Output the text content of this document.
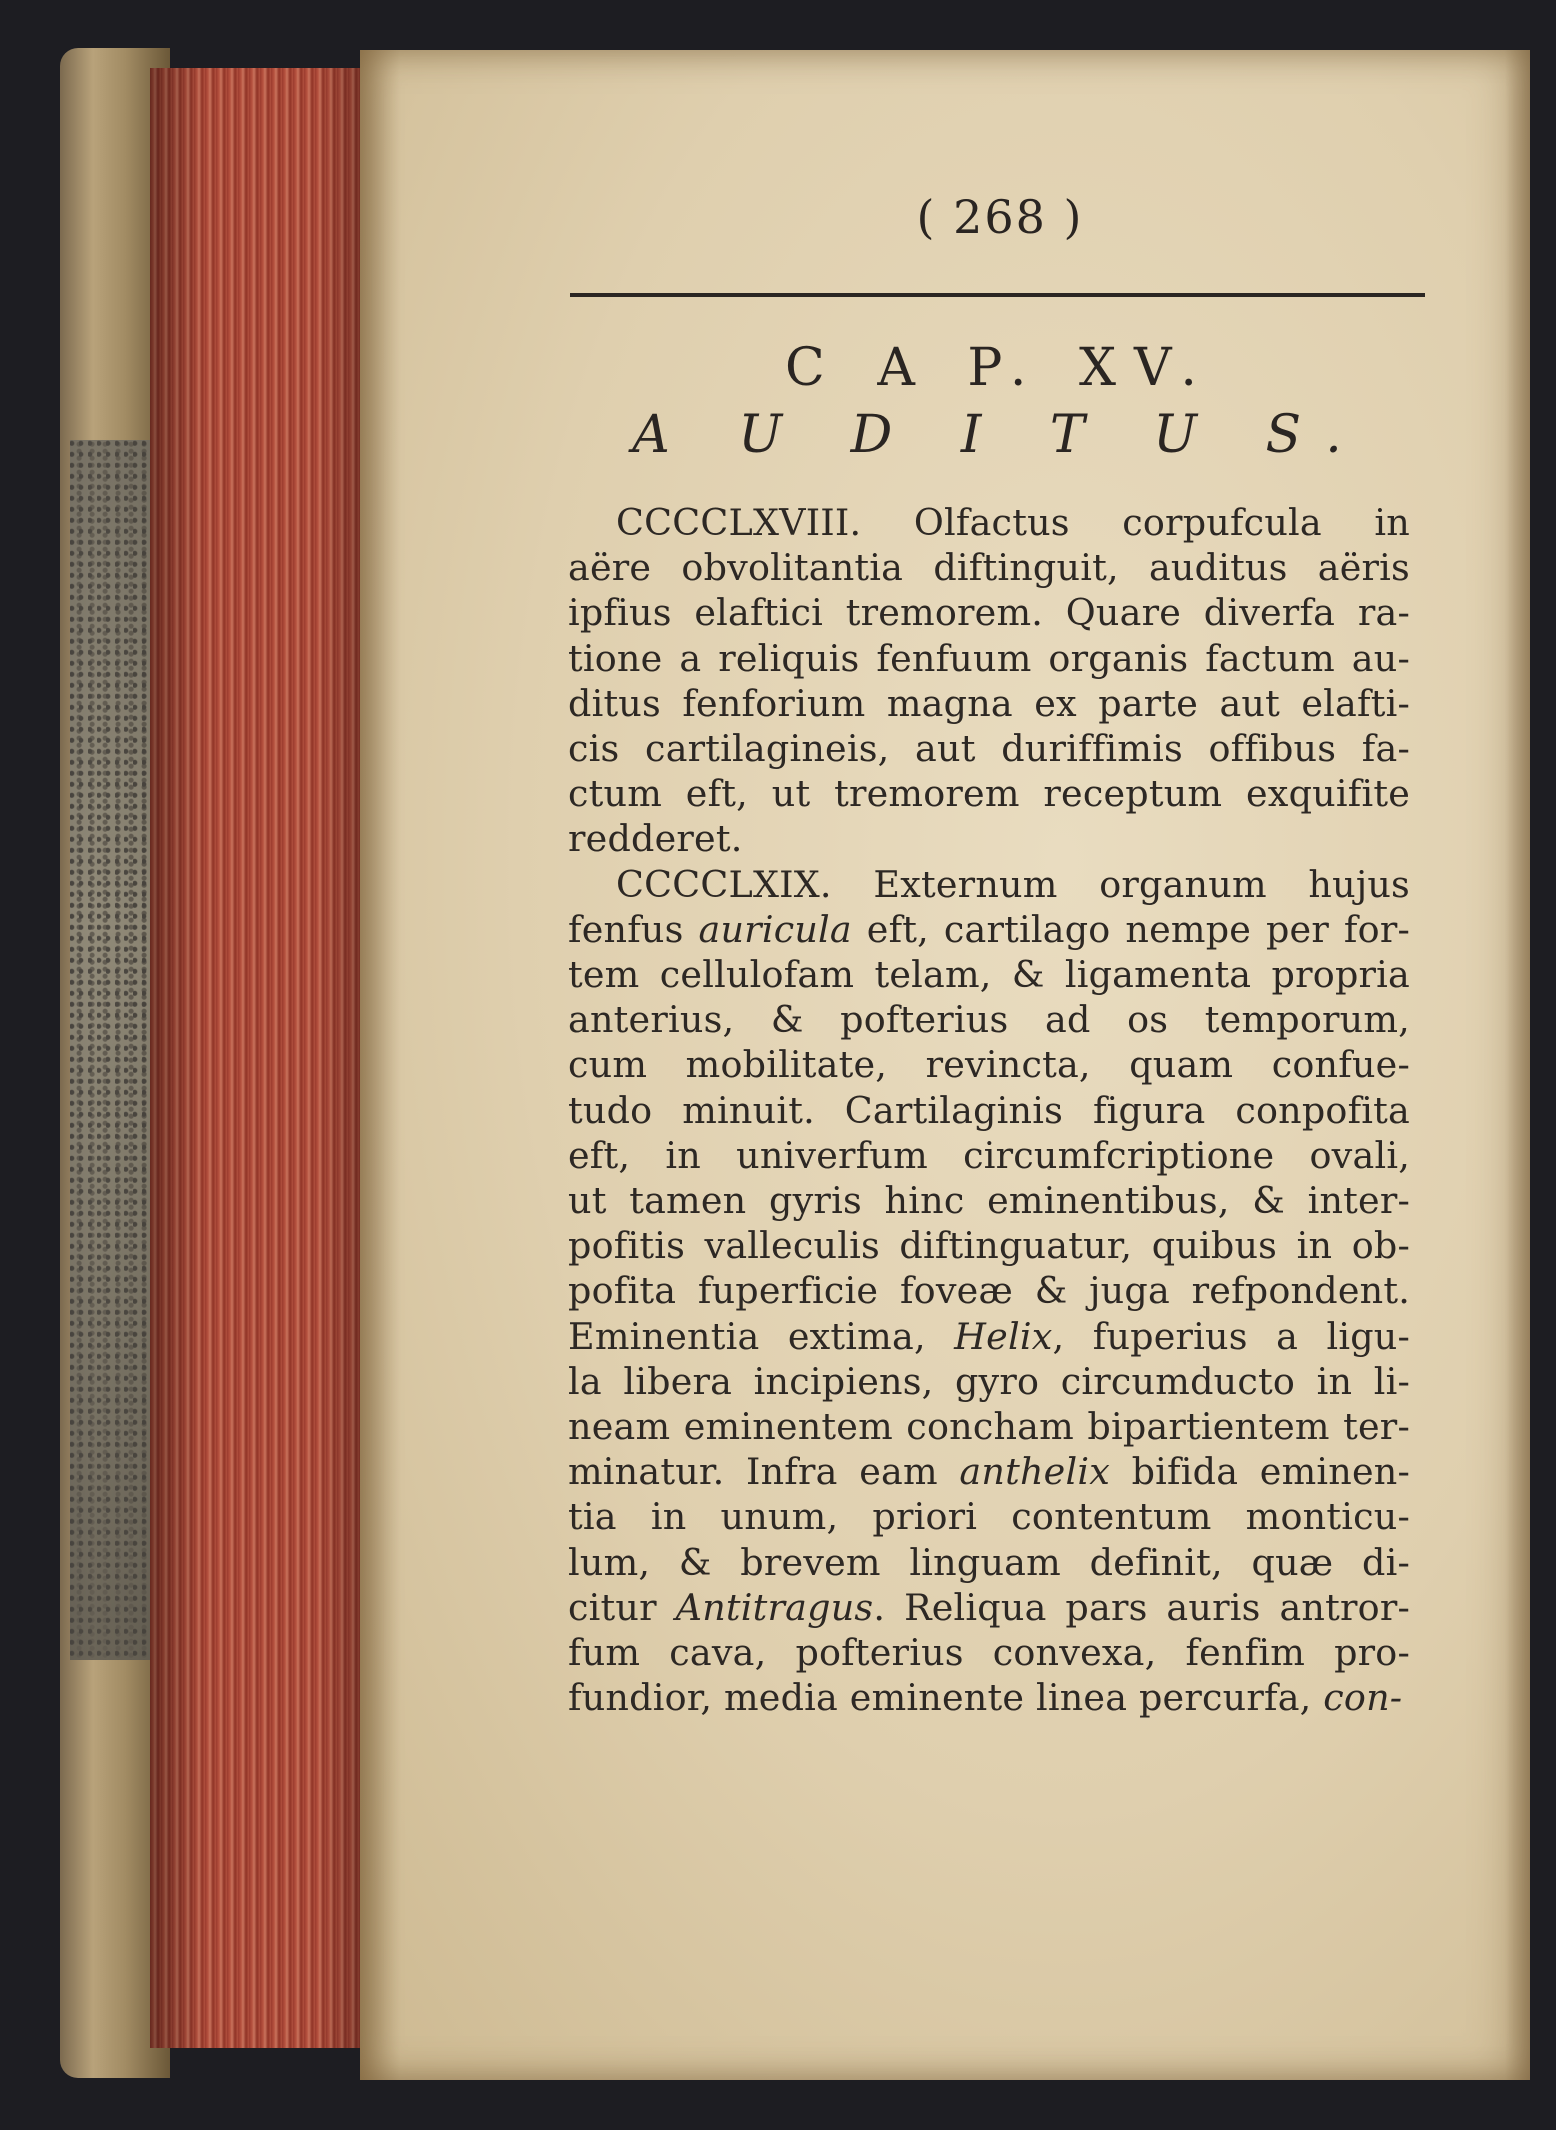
( 268 )
C A P. XV.
A U D I T U S.
CCCCLXVIII. Olfactus corpufcula in
aëre obvolitantia diftinguit, auditus aëris
ipfius elaftici tremorem. Quare diverfa ra-
tione a reliquis fenfuum organis factum au-
ditus fenforium magna ex parte aut elafti-
cis cartilagineis, aut duriffimis offibus fa-
ctum eft, ut tremorem receptum exquifite
redderet.
CCCCLXIX. Externum organum hujus
fenfus auricula eft, cartilago nempe per for-
tem cellulofam telam, & ligamenta propria
anterius, & pofterius ad os temporum,
cum mobilitate, revincta, quam confue-
tudo minuit. Cartilaginis figura conpofita
eft, in univerfum circumfcriptione ovali,
ut tamen gyris hinc eminentibus, & inter-
pofitis valleculis diftinguatur, quibus in ob-
pofita fuperficie foveæ & juga refpondent.
Eminentia extima, Helix, fuperius a ligu-
la libera incipiens, gyro circumducto in li-
neam eminentem concham bipartientem ter-
minatur. Infra eam anthelix bifida eminen-
tia in unum, priori contentum monticu-
lum, & brevem linguam definit, quæ di-
citur Antitragus. Reliqua pars auris antror-
fum cava, pofterius convexa, fenfim pro-
fundior, media eminente linea percurfa, con-
